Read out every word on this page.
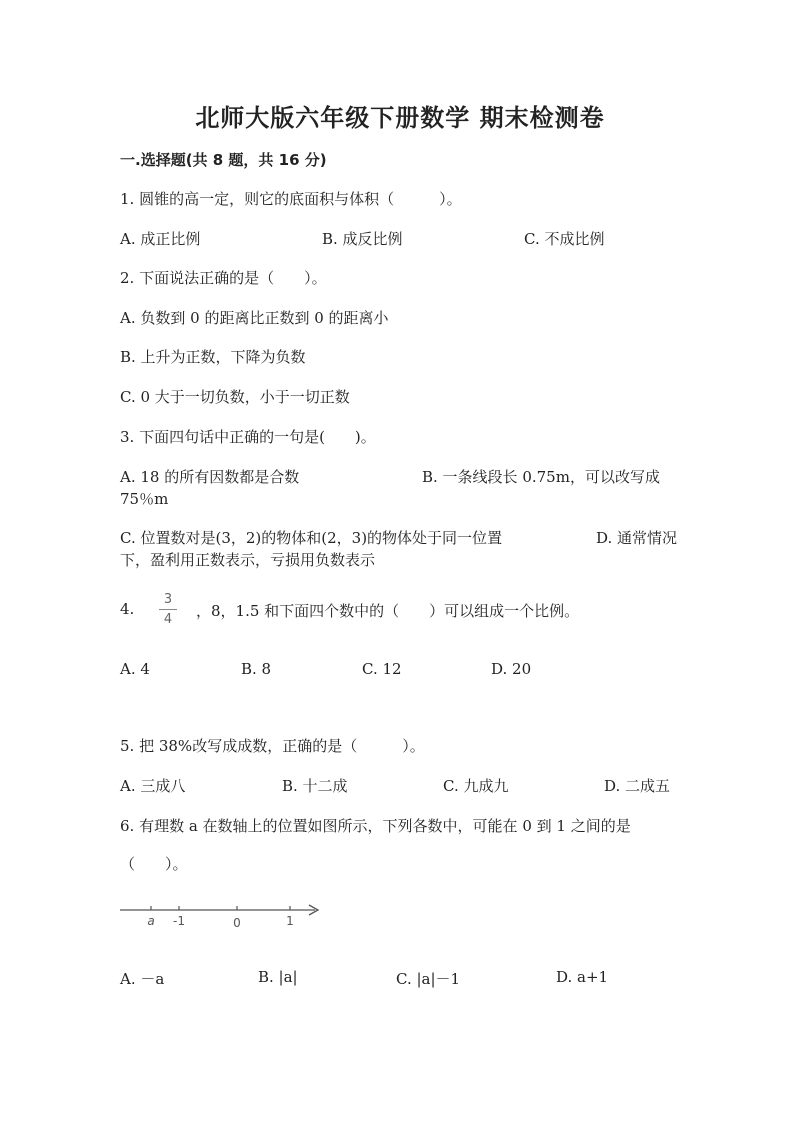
北师大版六年级下册数学 期末检测卷
一.选择题(共 8 题，共 16 分)
1. 圆锥的高一定，则它的底面积与体积（　　　）。
A. 成正比例	B. 成反比例	C. 不成比例
2. 下面说法正确的是（　　）。
A. 负数到 0 的距离比正数到 0 的距离小
B. 上升为正数，下降为负数
C. 0 大于一切负数，小于一切正数
3. 下面四句话中正确的一句是(　　)。
A. 18 的所有因数都是合数	B. 一条线段长 0.75m，可以改写成
75％m
C. 位置数对是(3，2)的物体和(2，3)的物体处于同一位置	D. 通常情况
下，盈利用正数表示，亏损用负数表示
4.
3
4	，8，1.5 和下面四个数中的（　　）可以组成一个比例。
A. 4	B. 8	C. 12	D. 20
5. 把 38%改写成成数，正确的是（　　　）。
A. 三成八	B. 十二成	C. 九成九	D. 二成五
6. 有理数 a 在数轴上的位置如图所示，下列各数中，可能在 0 到 1 之间的是
（　　）。
a -1	0	1
A. －a	B. |a|	C. |a|－1	D. a+1
